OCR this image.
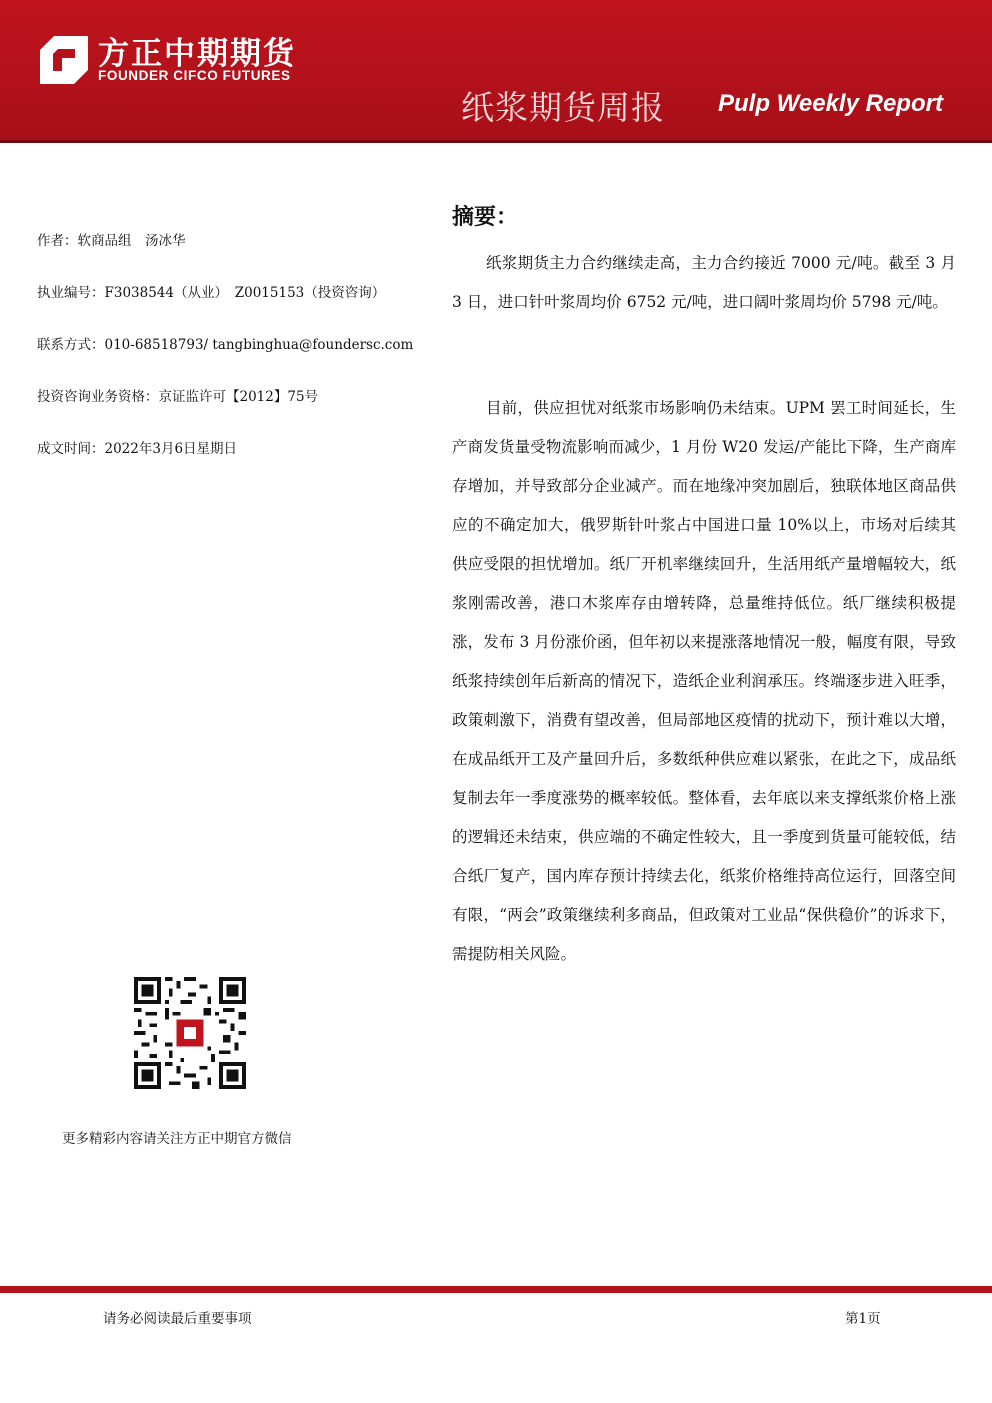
方正中期期货
FOUNDER CIFCO FUTURES
纸浆期货周报 Pulp Weekly Report
作者：软商品组　汤冰华
执业编号：F3038544（从业）　Z0015153（投资咨询）
联系方式：010-68518793/ tangbinghua@foundersc.com
投资咨询业务资格：京证监许可【2012】75号
成文时间：2022年3月6日星期日
摘要：

纸浆期货主力合约继续走高，主力合约接近 7000 元/吨。截至 3 月 3 日，进口针叶浆周均价 6752 元/吨，进口阔叶浆周均价 5798 元/吨。

目前，供应担忧对纸浆市场影响仍未结束。UPM 罢工时间延长，生产商发货量受物流影响而减少，1 月份 W20 发运/产能比下降，生产商库存增加，并导致部分企业减产。而在地缘冲突加剧后，独联体地区商品供应的不确定加大，俄罗斯针叶浆占中国进口量 10%以上，市场对后续其供应受限的担忧增加。纸厂开机率继续回升，生活用纸产量增幅较大，纸浆刚需改善，港口木浆库存由增转降，总量维持低位。纸厂继续积极提涨，发布 3 月份涨价函，但年初以来提涨落地情况一般，幅度有限，导致纸浆持续创年后新高的情况下，造纸企业利润承压。终端逐步进入旺季，政策刺激下，消费有望改善，但局部地区疫情的扰动下，预计难以大增，在成品纸开工及产量回升后，多数纸种供应难以紧张，在此之下，成品纸复制去年一季度涨势的概率较低。整体看，去年底以来支撑纸浆价格上涨的逻辑还未结束，供应端的不确定性较大，且一季度到货量可能较低，结合纸厂复产，国内库存预计持续去化，纸浆价格维持高位运行，回落空间有限，“两会”政策继续利多商品，但政策对工业品“保供稳价”的诉求下，需提防相关风险。

更多精彩内容请关注方正中期官方微信
请务必阅读最后重要事项	第1页
